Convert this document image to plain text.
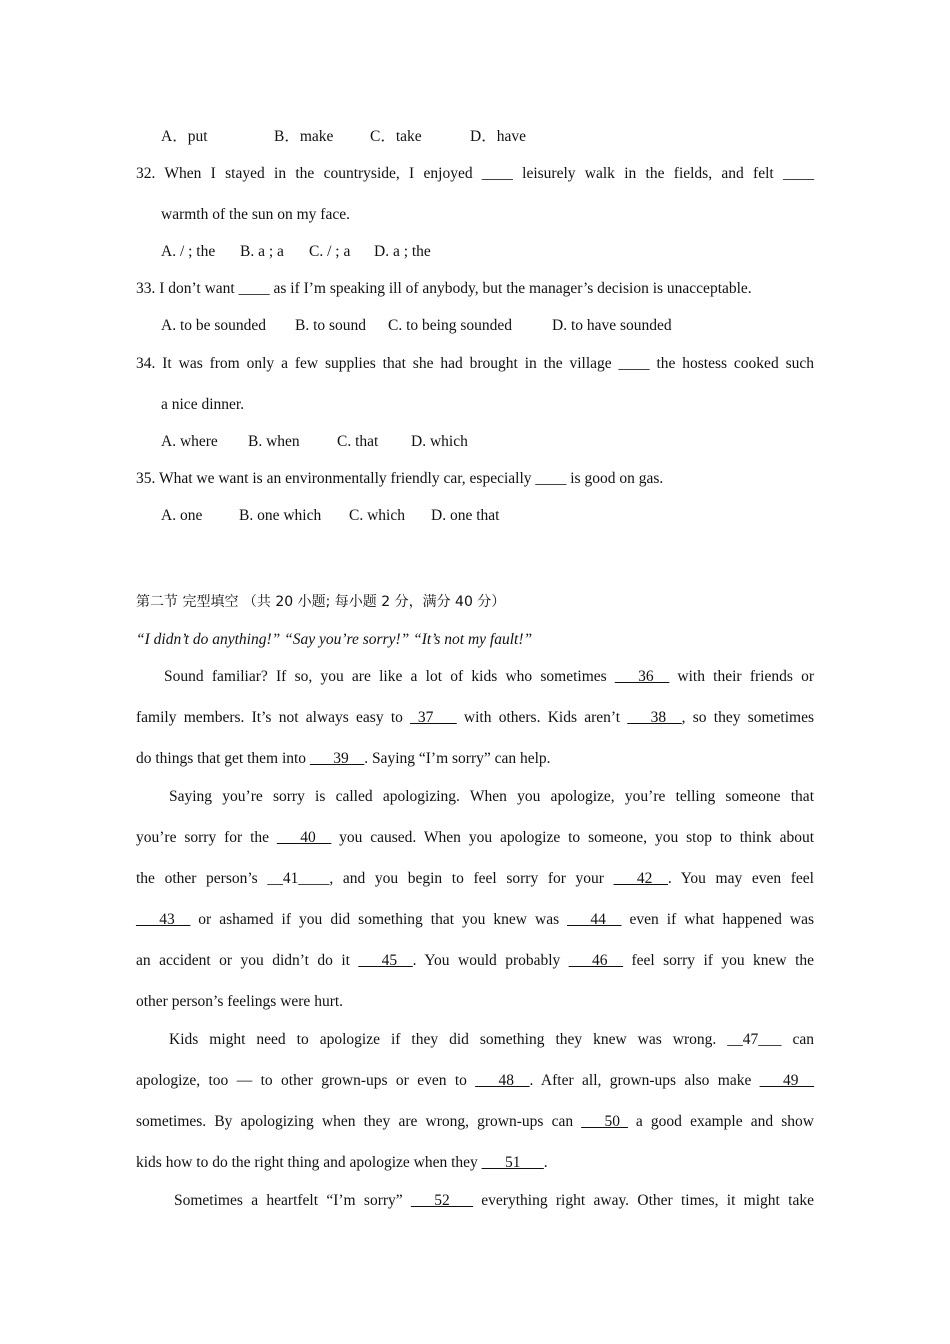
A．put	B．make C．take	D．have
32. When I stayed in the countryside, I enjoyed ____ leisurely walk in the fields, and felt ____
warmth of the sun on my face.
A. / ; the B. a ; a C. / ; a D. a ; the
33. I don’t want ____ as if I’m speaking ill of anybody, but the manager’s decision is unacceptable.
A. to be sounded B. to sound C. to being sounded	D. to have sounded
34. It was from only a few supplies that she had brought in the village ____ the hostess cooked such
a nice dinner.
A. where B. when C. that D. which
35. What we want is an environmentally friendly car, especially ____ is good on gas.
A. one B. one which C. which D. one that
第二节 完型填空 （共 20 小题; 每小题 2 分，满分 40 分）
“I didn’t do anything!” “Say you’re sorry!” “It’s not my fault!”
Sound familiar? If so, you are like a lot of kids who sometimes ___36__ with their friends or
family members. It’s not always easy to _37___ with others. Kids aren’t ___38__, so they sometimes
do things that get them into ___39__. Saying “I’m sorry” can help.
Saying you’re sorry is called apologizing. When you apologize, you’re telling someone that
you’re sorry for the ___40__ you caused. When you apologize to someone, you stop to think about
the other person’s __41____, and you begin to feel sorry for your ___42__. You may even feel
___43__ or ashamed if you did something that you knew was ___44__ even if what happened was
an accident or you didn’t do it ___45__. You would probably ___46__ feel sorry if you knew the
other person’s feelings were hurt.
Kids might need to apologize if they did something they knew was wrong. __47___ can
apologize, too — to other grown-ups or even to ___48__. After all, grown-ups also make ___49__
sometimes. By apologizing when they are wrong, grown-ups can ___50_ a good example and show
kids how to do the right thing and apologize when they ___51___.
Sometimes a heartfelt “I’m sorry” ___52___ everything right away. Other times, it might take
